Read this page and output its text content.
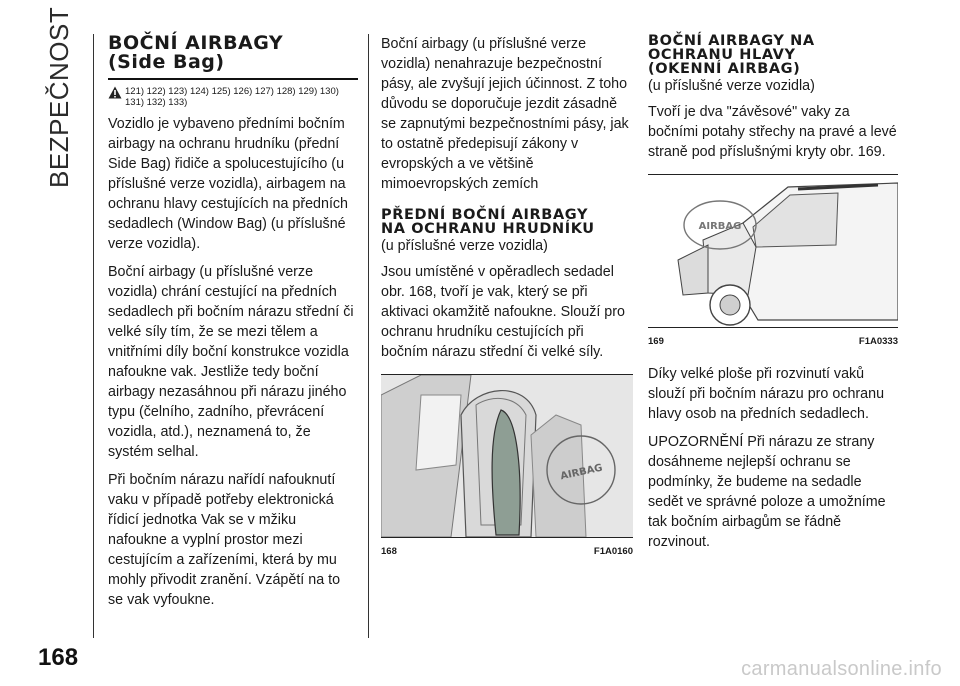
BEZPEČNOST BOČNÍ AIRBAGY
(Side Bag)
121) 122) 123) 124) 125) 126) 127) 128) 129) 130) 131) 132) 133)

Vozidlo je vybaveno předními bočním airbagy na ochranu hrudníku (přední Side Bag) řidiče a spolucestujícího (u příslušné verze vozidla), airbagem na ochranu hlavy cestujících na předních sedadlech (Window Bag) (u příslušné verze vozidla).

Boční airbagy (u příslušné verze vozidla) chrání cestující na předních sedadlech při bočním nárazu střední či velké síly tím, že se mezi tělem a vnitřními díly boční konstrukce vozidla nafoukne vak. Jestliže tedy boční airbagy nezasáhnou při nárazu jiného typu (čelního, zadního, převrácení vozidla, atd.), neznamená to, že systém selhal.

Při bočním nárazu nařídí nafouknutí vaku v případě potřeby elektronická řídicí jednotka Vak se v mžiku nafoukne a vyplní prostor mezi cestujícím a zařízeními, která by mu mohly přivodit zranění. Vzápětí na to se vak vyfoukne.

Boční airbagy (u příslušné verze vozidla) nenahrazuje bezpečnostní pásy, ale zvyšují jejich účinnost. Z toho důvodu se doporučuje jezdit zásadně se zapnutými bezpečnostními pásy, jak to ostatně předepisují zákony v evropských a ve většině mimoevropských zemích

PŘEDNÍ BOČNÍ AIRBAGY
NA OCHRANU HRUDNÍKU

(u příslušné verze vozidla)

Jsou umístěné v opěradlech sedadel obr. 168, tvoří je vak, který se při aktivaci okamžitě nafoukne. Slouží pro ochranu hrudníku cestujících při bočním nárazu střední či velké síly.

AIRBAG
168	F1A0160
BOČNÍ AIRBAGY NA
OCHRANU HLAVY
(OKENNÍ AIRBAG)

(u příslušné verze vozidla)

Tvoří je dva "závěsové" vaky za bočními potahy střechy na pravé a levé straně pod příslušnými kryty obr. 169.

AIRBAG
169	F1A0333

Díky velké ploše při rozvinutí vaků slouží při bočním nárazu pro ochranu hlavy osob na předních sedadlech.

UPOZORNĚNÍ Při nárazu ze strany dosáhneme nejlepší ochranu se podmínky, že budeme na sedadle sedět ve správné poloze a umožníme tak bočním airbagům se řádně rozvinout.

168	carmanualsonline.info
